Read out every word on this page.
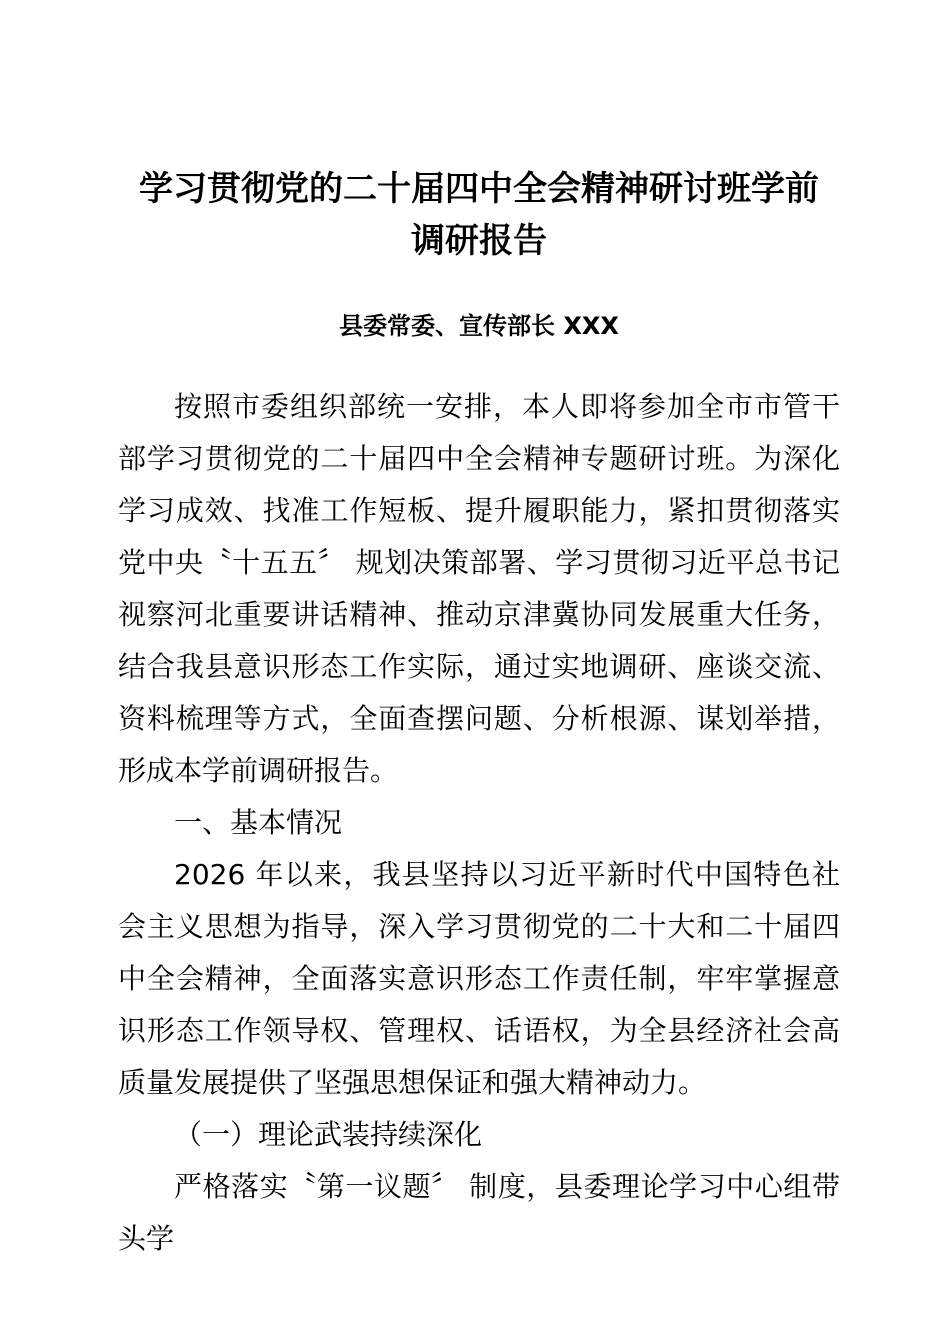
学习贯彻党的二十届四中全会精神研讨班学前
调研报告
县委常委、宣传部长 XXX

按照市委组织部统一安排，本人即将参加全市市管干部学习贯彻党的二十届四中全会精神专题研讨班。为深化学习成效、找准工作短板、提升履职能力，紧扣贯彻落实党中央〝十五五〞 规划决策部署、学习贯彻习近平总书记视察河北重要讲话精神、推动京津冀协同发展重大任务，结合我县意识形态工作实际，通过实地调研、座谈交流、资料梳理等方式，全面查摆问题、分析根源、谋划举措，形成本学前调研报告。

一、基本情况

2026 年以来，我县坚持以习近平新时代中国特色社会主义思想为指导，深入学习贯彻党的二十大和二十届四中全会精神，全面落实意识形态工作责任制，牢牢掌握意识形态工作领导权、管理权、话语权，为全县经济社会高质量发展提供了坚强思想保证和强大精神动力。

（一）理论武装持续深化

严格落实〝第一议题〞 制度，县委理论学习中心组带头学
